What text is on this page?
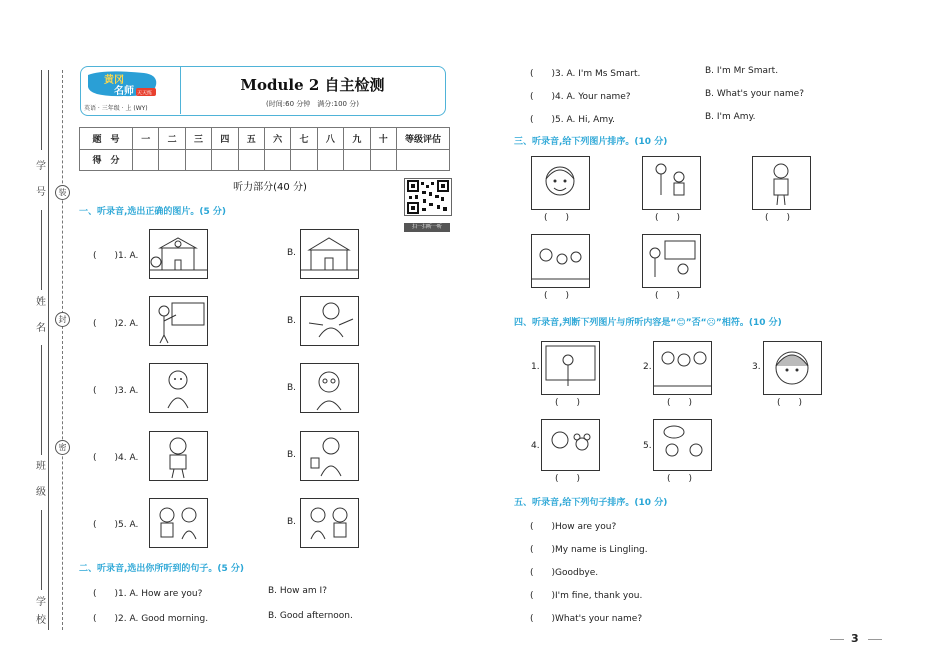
学
号
姓
名
班
级
学
校
装
封
密
黄冈
名师 天天练
英语 · 三年级 · 上 (WY)
Module 2 自主检测
(时间:60 分钟　满分:100 分)
题　号	一	二	三	四	五	六	七	八	九	十	等级评估
得　分											
听力部分(40 分)
扫一扫听一听
一、听录音,选出正确的图片。(5 分)
(　　)1. A.	B.
(　　)2. A.	B.
(　　)3. A.	B.
(　　)4. A.	B.
(　　)5. A.	B.
二、听录音,选出你所听到的句子。(5 分)
(　　)1. A. How are you?	B. How am I?
(　　)2. A. Good morning.	B. Good afternoon.
(　　)3. A. I'm Ms Smart.	B. I'm Mr Smart.
(　　)4. A. Your name?	B. What's your name?
(　　)5. A. Hi, Amy.	B. I'm Amy.
三、听录音,给下列图片排序。(10 分)
(　　)	(　　)	(　　)
(　　)	(　　)
四、听录音,判断下列图片与所听内容是“😊”否“☹”相符。(10 分)
1.
(　　)
2.
(　　)
3.
(　　)
4.
(　　)
5.
(　　)
五、听录音,给下列句子排序。(10 分)
(　　)How are you?
(　　)My name is Lingling.
(　　)Goodbye.
(　　)I'm fine, thank you.
(　　)What's your name?
3
